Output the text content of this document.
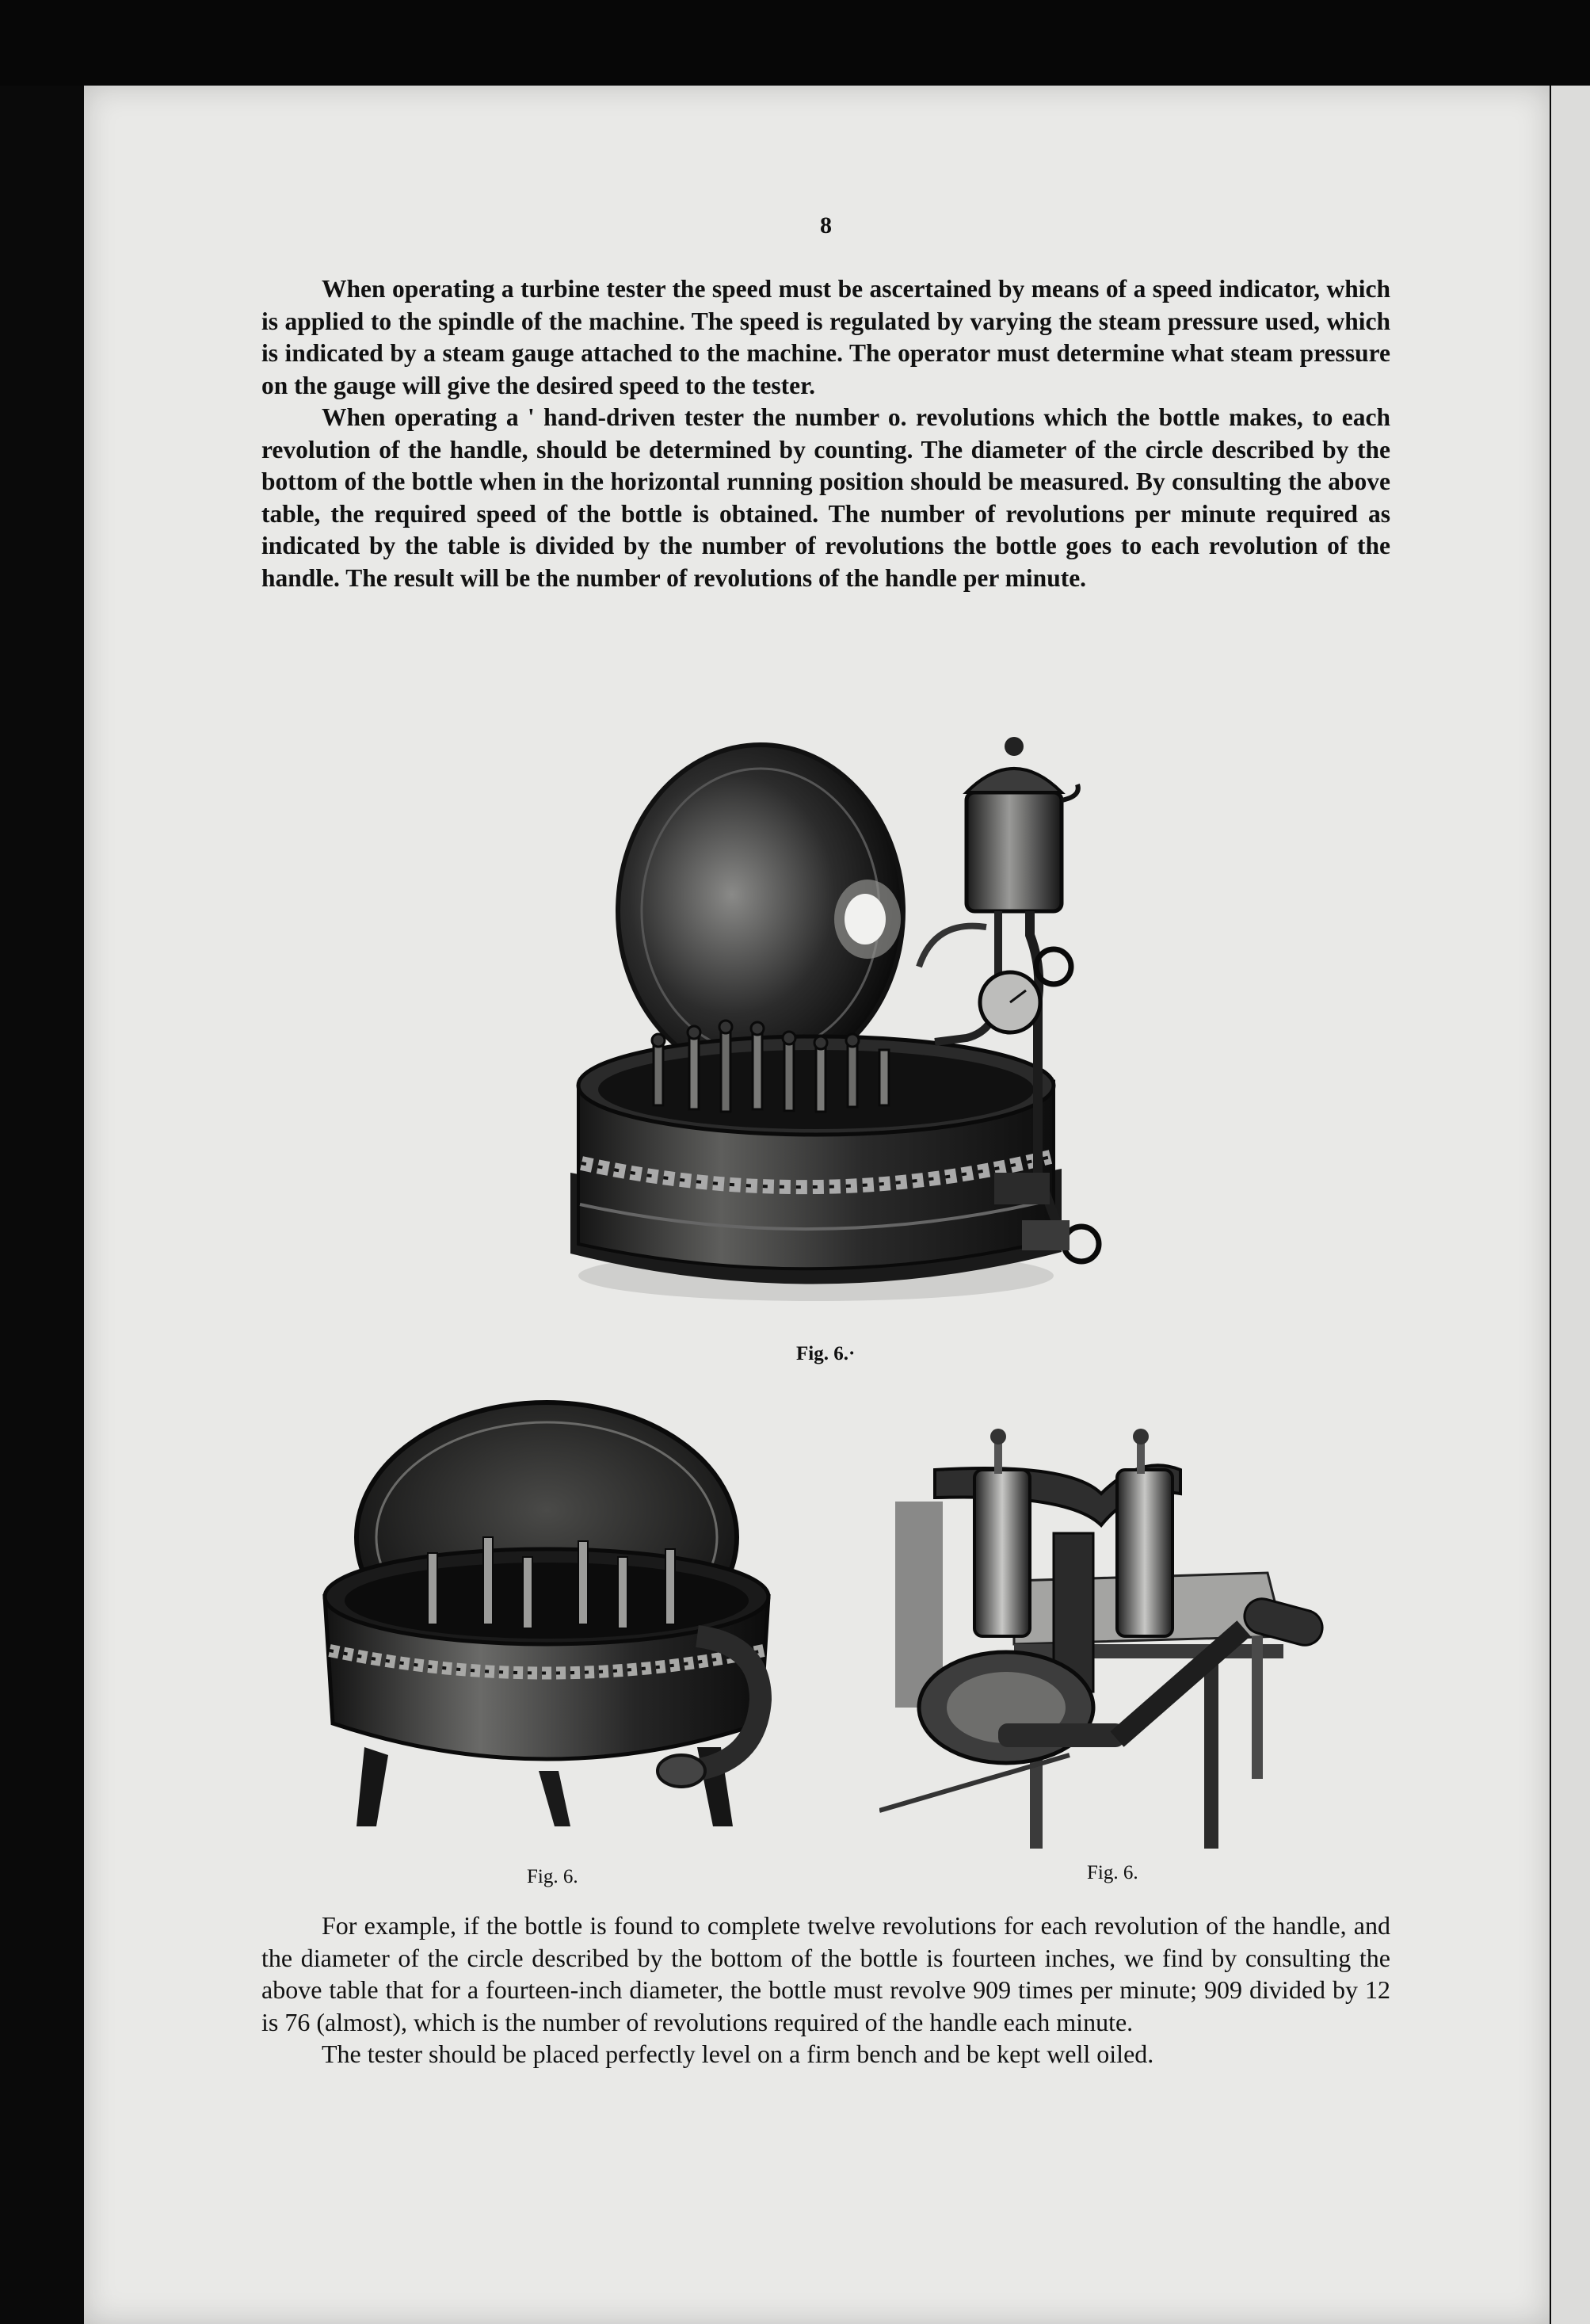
8

When operating a turbine tester the speed must be ascertained by means of a speed indicator, which is applied to the spindle of the machine. The speed is regulated by varying the steam pressure used, which is indicated by a steam gauge attached to the machine. The operator must determine what steam pressure on the gauge will give the desired speed to the tester.

When operating a ' hand-driven tester the number o. revolutions which the bottle makes, to each revolution of the handle, should be determined by counting. The diameter of the circle described by the bottom of the bottle when in the horizontal running position should be measured. By consulting the above table, the required speed of the bottle is obtained. The number of revolutions per minute required as indicated by the table is divided by the number of revolutions the bottle goes to each revolution of the handle. The result will be the number of revolutions of the handle per minute.

Fig. 6.·
Fig. 6.	Fig. 6.

For example, if the bottle is found to complete twelve revolutions for each revolution of the handle, and the diameter of the circle described by the bottom of the bottle is fourteen inches, we find by consulting the above table that for a fourteen-inch diameter, the bottle must revolve 909 times per minute; 909 divided by 12 is 76 (almost), which is the number of revolutions required of the handle each minute.

The tester should be placed perfectly level on a firm bench and be kept well oiled.
